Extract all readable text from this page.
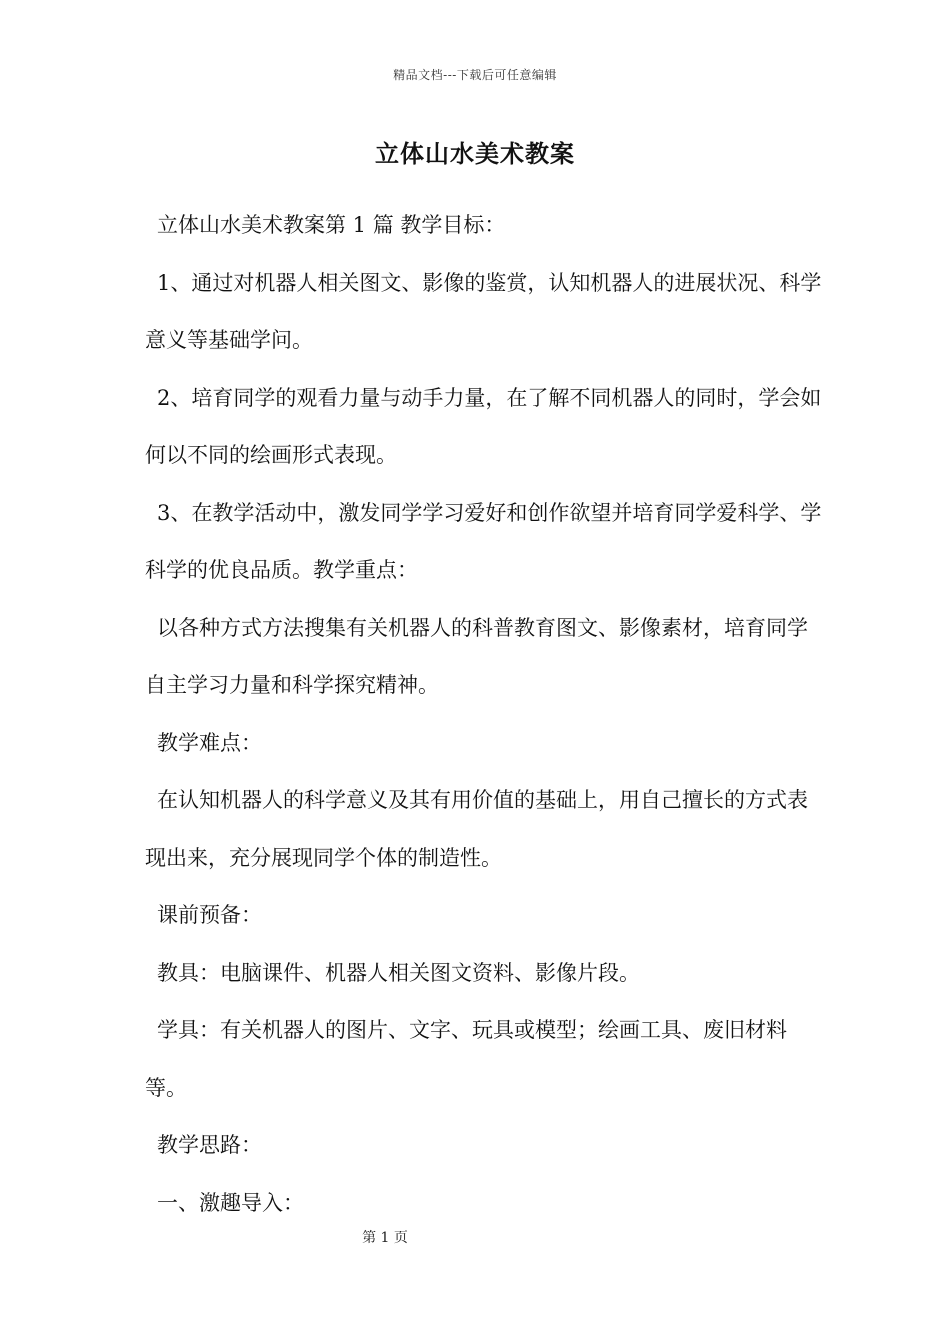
精品文档---下载后可任意编辑
立体山水美术教案

立体山水美术教案第 1 篇 教学目标：

1、通过对机器人相关图文、影像的鉴赏，认知机器人的进展状况、科学意义等基础学问。

2、培育同学的观看力量与动手力量，在了解不同机器人的同时，学会如何以不同的绘画形式表现。

3、在教学活动中，激发同学学习爱好和创作欲望并培育同学爱科学、学科学的优良品质。教学重点：

以各种方式方法搜集有关机器人的科普教育图文、影像素材，培育同学自主学习力量和科学探究精神。

教学难点：

在认知机器人的科学意义及其有用价值的基础上，用自己擅长的方式表现出来，充分展现同学个体的制造性。

课前预备：

教具：电脑课件、机器人相关图文资料、影像片段。

学具：有关机器人的图片、文字、玩具或模型；绘画工具、废旧材料等。

教学思路：

一、激趣导入：

第 1 页
